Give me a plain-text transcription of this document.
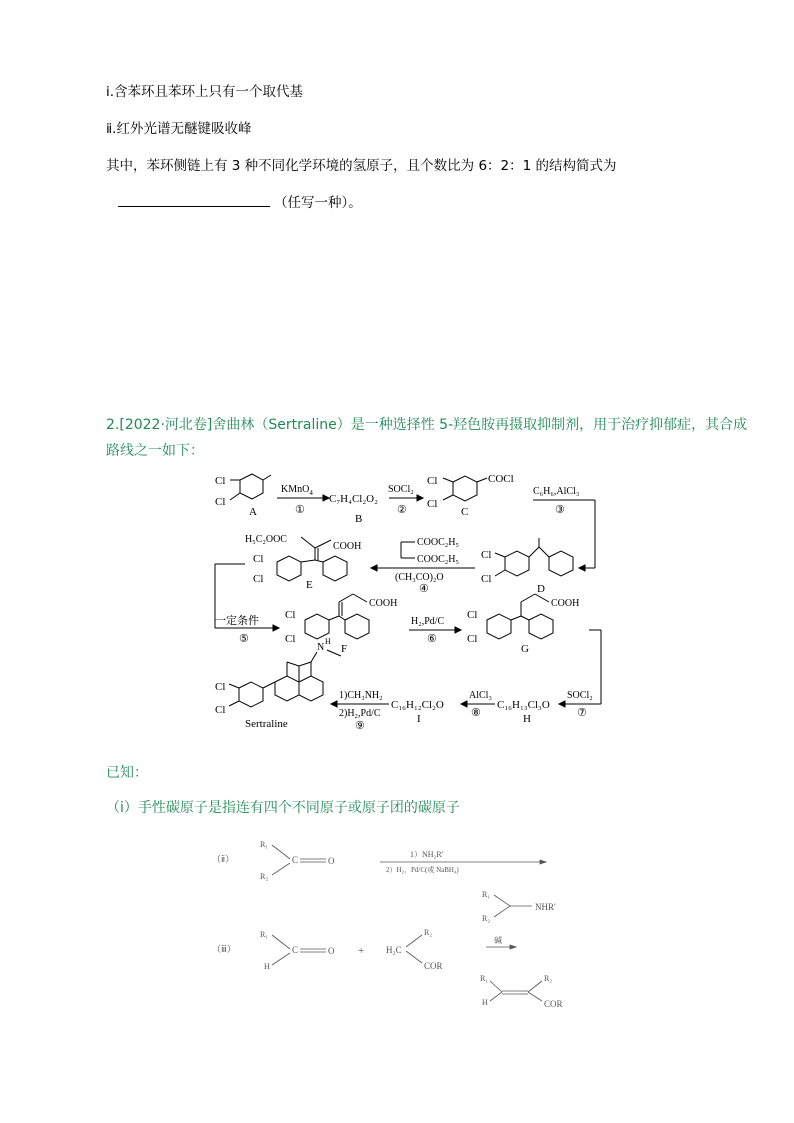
ⅰ.含苯环且苯环上只有一个取代基
ⅱ.红外光谱无醚键吸收峰
其中，苯环侧链上有 3 种不同化学环境的氢原子，且个数比为 6：2：1 的结构简式为
（任写一种）。
2.[2022·河北卷]舍曲林（Sertraline）是一种选择性 5-羟色胺再摄取抑制剂，用于治疗抑郁症，其合成
路线之一如下：
Cl
Cl
A
KMnO$_4$
①
C₇H₄Cl₂O₂
B
SOCl₂
②
Cl
Cl
COCl
C
C₆H₆,AlCl₃
③
Cl
Cl
D
COOC₂H₅
COOC₂H₅
(CH₃CO)₂O
④
H₅C₂OOC
COOH
Cl
Cl	E
一定条件
⑤
COOH
Cl
Cl
F
H₂,Pd/C
⑥
COOH
Cl
Cl
G
SOCl₂
⑦
C₁₆H₁₃Cl₃O
H
AlCl₃
⑧
C₁₆H₁₂Cl₂O
I
1)CH₃NH₂
2)H₂,Pd/C
⑨
N
H
Cl
Cl
Sertraline
已知：
（ⅰ）手性碳原子是指连有四个不同原子或原子团的碳原子
（ⅱ）
R₁
R₂
C	O
1）NH₂R′
2）H₂，Pd/C(或 NaBH₄)
R₁
R₂
NHR′
（ⅲ）
R₁
H
C	O + H₂C
R₂
COR
碱
R₁
H
R₂
COR
